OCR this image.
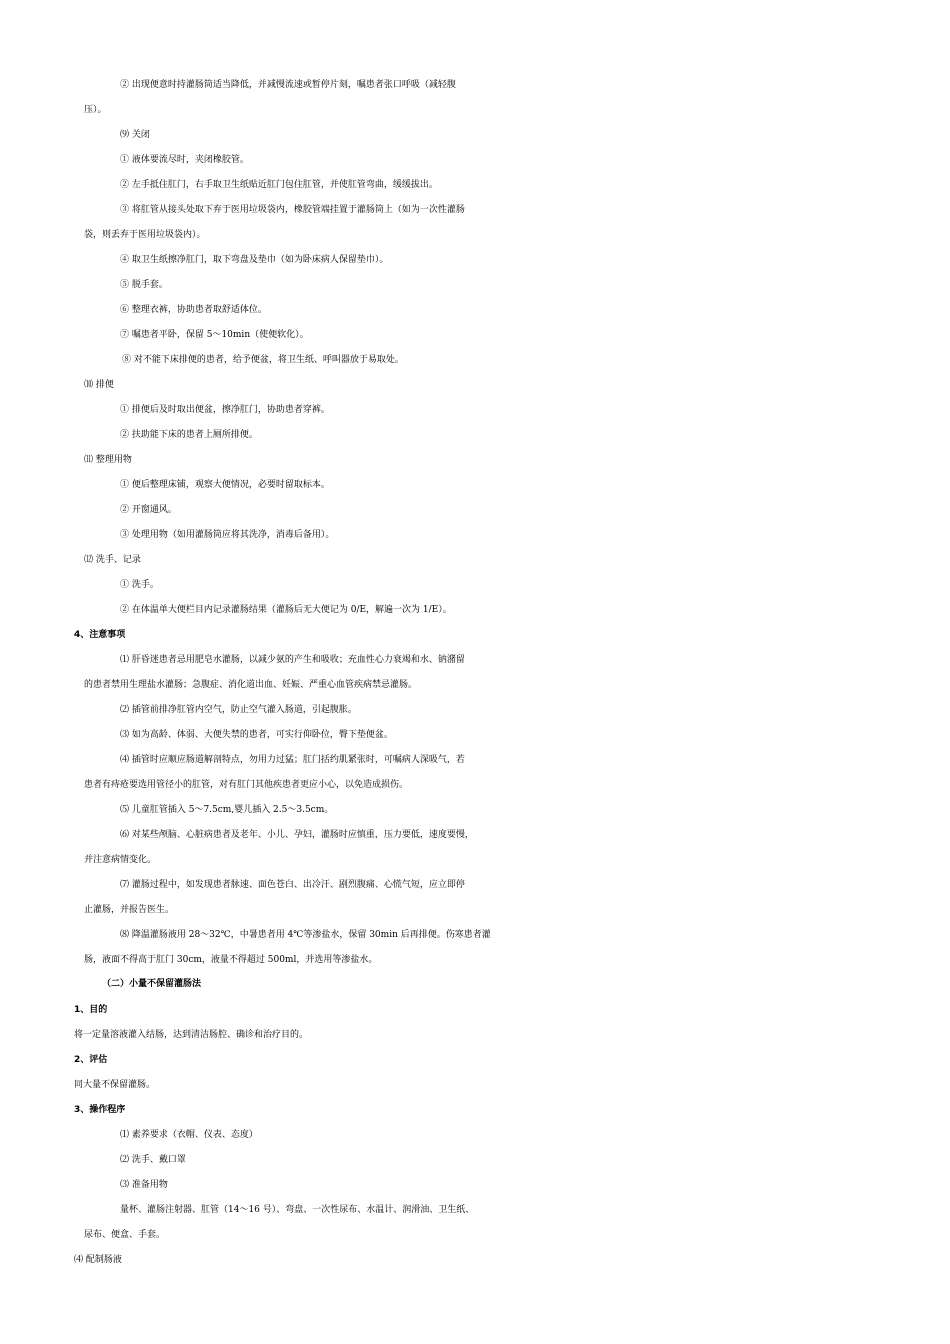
② 出现便意时持灌肠筒适当降低，并减慢流速或暂停片刻，嘱患者张口呼吸（减轻腹
压）。
⑼ 关闭
① 液体要流尽时，夹闭橡胶管。
② 左手抵住肛门，右手取卫生纸贴近肛门包住肛管，并使肛管弯曲，缓缓拔出。
③ 将肛管从接头处取下弃于医用垃圾袋内，橡胶管端挂置于灌肠筒上（如为一次性灌肠
袋，则丢弃于医用垃圾袋内）。
④ 取卫生纸擦净肛门，取下弯盘及垫巾（如为卧床病人保留垫巾）。
⑤ 脱手套。
⑥ 整理衣裤，协助患者取舒适体位。
⑦ 嘱患者平卧，保留 5～10min（使便软化）。
⑧ 对不能下床排便的患者，给予便盆，将卫生纸、呼叫器放于易取处。
⑽ 排便
① 排便后及时取出便盆，擦净肛门，协助患者穿裤。
② 扶助能下床的患者上厕所排便。
⑾ 整理用物
① 便后整理床铺，观察大便情况，必要时留取标本。
② 开窗通风。
③ 处理用物（如用灌肠筒应将其洗净，消毒后备用）。
⑿ 洗手、记录
① 洗手。
② 在体温单大便栏目内记录灌肠结果（灌肠后无大便记为 0/E，解遍一次为 1/E）。
4、注意事项
⑴ 肝昏迷患者忌用肥皂水灌肠，以减少氨的产生和吸收；充血性心力衰竭和水、钠潴留
的患者禁用生理盐水灌肠；急腹症、消化道出血、妊娠、严重心血管疾病禁忌灌肠。
⑵ 插管前排净肛管内空气，防止空气灌入肠道，引起腹胀。
⑶ 如为高龄、体弱、大便失禁的患者，可实行仰卧位，臀下垫便盆。
⑷ 插管时应顺应肠道解剖特点，勿用力过猛；肛门括约肌紧张时，可嘱病人深吸气，若
患者有痔疮要选用管径小的肛管，对有肛门其他疾患者更应小心，以免造成损伤。
⑸ 儿童肛管插入 5～7.5cm,婴儿插入 2.5～3.5cm。
⑹ 对某些颅脑、心脏病患者及老年、小儿、孕妇，灌肠时应慎重，压力要低，速度要慢，
并注意病情变化。
⑺ 灌肠过程中，如发现患者脉速、面色苍白、出冷汗、剧烈腹痛、心慌气短，应立即停
止灌肠，并报告医生。
⑻ 降温灌肠液用 28～32℃，中暑患者用 4℃等渗盐水，保留 30min 后再排便。伤寒患者灌
肠，液面不得高于肛门 30cm，液量不得超过 500ml，并选用等渗盐水。
（二）小量不保留灌肠法
1、目的
将一定量溶液灌入结肠，达到清洁肠腔、确诊和治疗目的。
2、评估
同大量不保留灌肠。
3、操作程序
⑴ 素养要求（衣帽、仪表、态度）
⑵ 洗手、戴口罩
⑶ 准备用物
量杯、灌肠注射器、肛管（14～16 号）、弯盘、一次性尿布、水温计、润滑油、卫生纸、
尿布、便盒、手套。
⑷ 配制肠液
